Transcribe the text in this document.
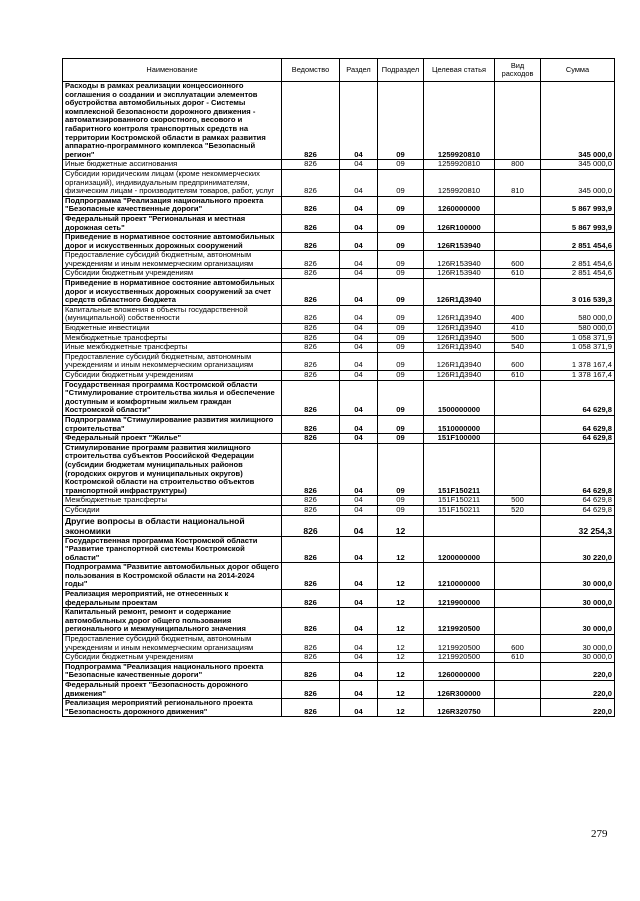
Наименование	Ведомство	Раздел	Подраздел	Целевая статья	Вид расходов	Сумма
Расходы в рамках реализации концессионного соглашения о создании и эксплуатации элементов обустройства автомобильных дорог - Системы комплексной безопасности дорожного движения - автоматизированного скоростного, весового и габаритного контроля транспортных средств на территории Костромской области в рамках развития аппаратно-программного комплекса "Безопасный регион"	826	04	09	1259920810		345 000,0
Иные бюджетные ассигнования	826	04	09	1259920810	800	345 000,0
Субсидии юридическим лицам (кроме некоммерческих организаций), индивидуальным предпринимателям, физическим лицам - производителям товаров, работ, услуг	826	04	09	1259920810	810	345 000,0
Подпрограмма "Реализация национального проекта "Безопасные качественные дороги"	826	04	09	1260000000		5 867 993,9
Федеральный проект "Региональная и местная дорожная сеть"	826	04	09	126R100000		5 867 993,9
Приведение в нормативное состояние автомобильных дорог и искусственных дорожных сооружений	826	04	09	126R153940		2 851 454,6
Предоставление субсидий бюджетным, автономным учреждениям и иным некоммерческим организациям	826	04	09	126R153940	600	2 851 454,6
Субсидии бюджетным учреждениям	826	04	09	126R153940	610	2 851 454,6
Приведение в нормативное состояние автомобильных дорог и искусственных дорожных сооружений за счет средств областного бюджета	826	04	09	126R1Д3940		3 016 539,3
Капитальные вложения в объекты государственной (муниципальной) собственности	826	04	09	126R1Д3940	400	580 000,0
Бюджетные инвестиции	826	04	09	126R1Д3940	410	580 000,0
Межбюджетные трансферты	826	04	09	126R1Д3940	500	1 058 371,9
Иные межбюджетные трансферты	826	04	09	126R1Д3940	540	1 058 371,9
Предоставление субсидий бюджетным, автономным учреждениям и иным некоммерческим организациям	826	04	09	126R1Д3940	600	1 378 167,4
Субсидии бюджетным учреждениям	826	04	09	126R1Д3940	610	1 378 167,4
Государственная программа Костромской области "Стимулирование строительства жилья и обеспечение доступным и комфортным жильем граждан Костромской области"	826	04	09	1500000000		64 629,8
Подпрограмма "Стимулирование развития жилищного строительства"	826	04	09	1510000000		64 629,8
Федеральный проект "Жилье"	826	04	09	151F100000		64 629,8
Стимулирование программ развития жилищного строительства субъектов Российской Федерации (субсидии бюджетам муниципальных районов (городских округов и муниципальных округов) Костромской области на строительство объектов транспортной инфраструктуры)	826	04	09	151F150211		64 629,8
Межбюджетные трансферты	826	04	09	151F150211	500	64 629,8
Субсидии	826	04	09	151F150211	520	64 629,8
Другие вопросы в области национальной экономики	826	04	12			32 254,3
Государственная программа Костромской области "Развитие транспортной системы Костромской области"	826	04	12	1200000000		30 220,0
Подпрограмма "Развитие автомобильных дорог общего пользования в Костромской области на 2014-2024 годы"	826	04	12	1210000000		30 000,0
Реализация мероприятий, не отнесенных к федеральным проектам	826	04	12	1219900000		30 000,0
Капитальный ремонт, ремонт и содержание автомобильных дорог общего пользования регионального и межмуниципального значения	826	04	12	1219920500		30 000,0
Предоставление субсидий бюджетным, автономным учреждениям и иным некоммерческим организациям	826	04	12	1219920500	600	30 000,0
Субсидии бюджетным учреждениям	826	04	12	1219920500	610	30 000,0
Подпрограмма "Реализация национального проекта "Безопасные качественные дороги"	826	04	12	1260000000		220,0
Федеральный проект "Безопасность дорожного движения"	826	04	12	126R300000		220,0
Реализация мероприятий регионального проекта "Безопасность дорожного движения"	826	04	12	126R320750		220,0
279
